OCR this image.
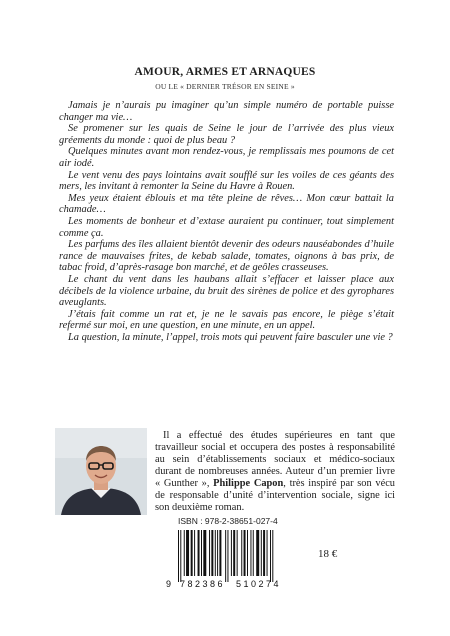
AMOUR, ARMES ET ARNAQUES
OU LE « DERNIER TRÉSOR EN SEINE »

Jamais je n’aurais pu imaginer qu’un simple numéro de portable puisse changer ma vie…

Se promener sur les quais de Seine le jour de l’arrivée des plus vieux gréements du monde : quoi de plus beau ?

Quelques minutes avant mon rendez-vous, je remplissais mes poumons de cet air iodé.

Le vent venu des pays lointains avait soufflé sur les voiles de ces géants des mers, les invitant à remonter la Seine du Havre à Rouen.

Mes yeux étaient éblouis et ma tête pleine de rêves… Mon cœur battait la chamade…

Les moments de bonheur et d’extase auraient pu continuer, tout simplement comme ça.

Les parfums des îles allaient bientôt devenir des odeurs nauséabondes d’huile rance de mauvaises frites, de kebab salade, tomates, oignons à bas prix, de tabac froid, d’après-rasage bon marché, et de geôles crasseuses.

Le chant du vent dans les haubans allait s’effacer et laisser place aux décibels de la violence urbaine, du bruit des sirènes de police et des gyrophares aveuglants.

J’étais fait comme un rat et, je ne le savais pas encore, le piège s’était refermé sur moi, en une question, en une minute, en un appel.

La question, la minute, l’appel, trois mots qui peuvent faire basculer une vie ?

Il a effectué des études supérieures en tant que travailleur social et occupera des postes à responsabilité au sein d’établissements sociaux et médico-sociaux durant de nombreuses années. Auteur d’un premier livre « Gunther », Philippe Capon, très inspiré par son vécu de responsable d’unité d’intervention sociale, signe ici son deuxième roman.

ISBN : 978-2-38651-027-4
9 782386 510274
18 €
